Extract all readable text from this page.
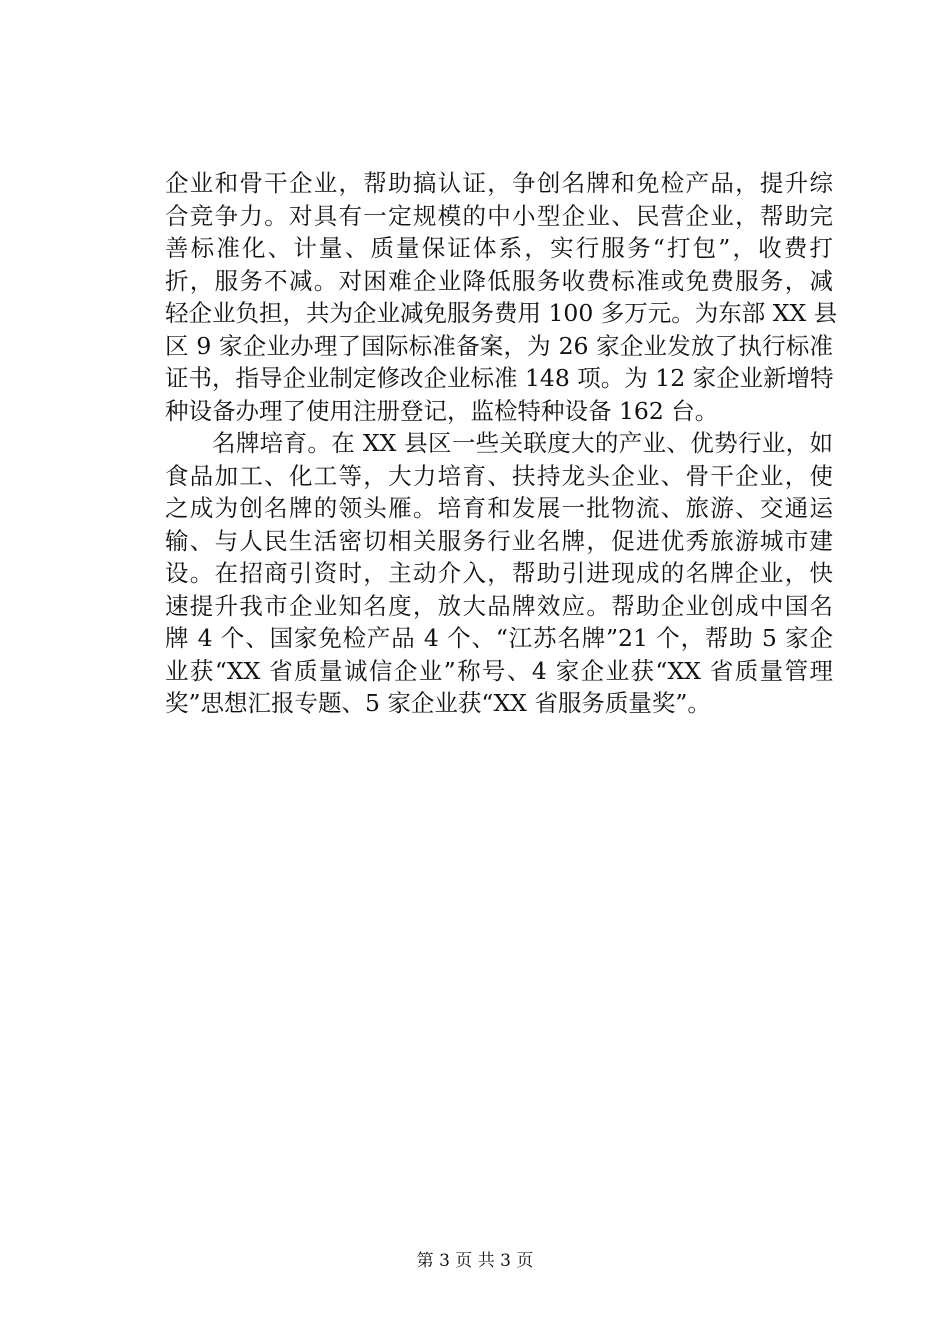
企业和骨干企业，帮助搞认证，争创名牌和免检产品，提升综
合竞争力。对具有一定规模的中小型企业、民营企业，帮助完
善标准化、计量、质量保证体系，实行服务“打包”，收费打
折，服务不减。对困难企业降低服务收费标准或免费服务，减
轻企业负担，共为企业减免服务费用 100 多万元。为东部 XX 县
区 9 家企业办理了国际标准备案，为 26 家企业发放了执行标准
证书，指导企业制定修改企业标准 148 项。为 12 家企业新增特
种设备办理了使用注册登记，监检特种设备 162 台。
名牌培育。在 XX 县区一些关联度大的产业、优势行业，如
食品加工、化工等，大力培育、扶持龙头企业、骨干企业，使
之成为创名牌的领头雁。培育和发展一批物流、旅游、交通运
输、与人民生活密切相关服务行业名牌，促进优秀旅游城市建
设。在招商引资时，主动介入，帮助引进现成的名牌企业，快
速提升我市企业知名度，放大品牌效应。帮助企业创成中国名
牌 4 个、国家免检产品 4 个、“江苏名牌”21 个，帮助 5 家企
业获“XX 省质量诚信企业”称号、4 家企业获“XX 省质量管理
奖”思想汇报专题、5 家企业获“XX 省服务质量奖”。
第 3 页 共 3 页
